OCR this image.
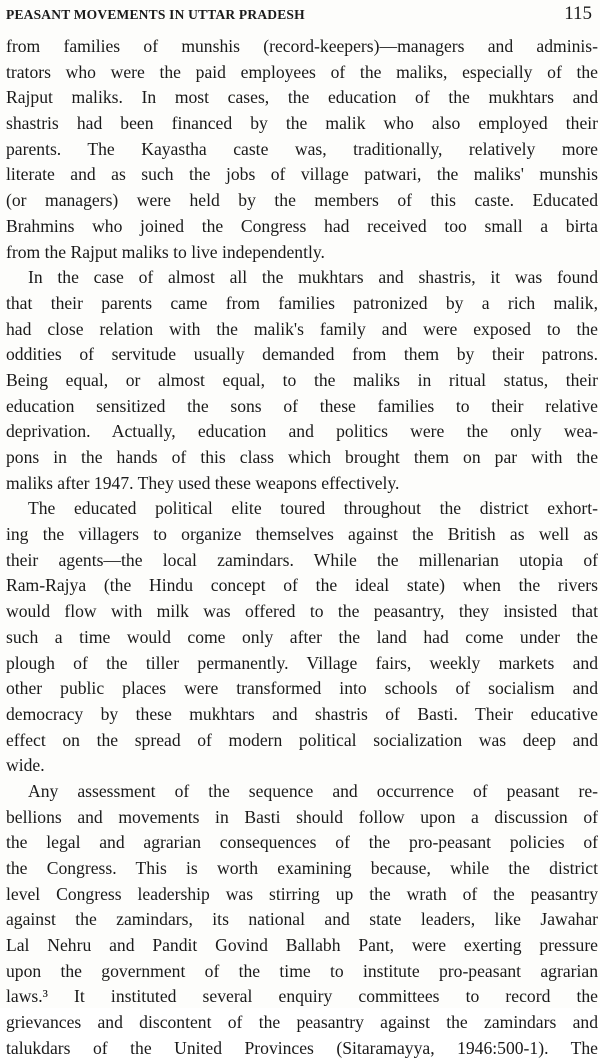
PEASANT MOVEMENTS IN UTTAR PRADESH	115
from families of munshis (record-keepers)—managers and adminis-
trators who were the paid employees of the maliks, especially of the
Rajput maliks. In most cases, the education of the mukhtars and
shastris had been financed by the malik who also employed their
parents. The Kayastha caste was, traditionally, relatively more
literate and as such the jobs of village patwari, the maliks' munshis
(or managers) were held by the members of this caste. Educated
Brahmins who joined the Congress had received too small a birta
from the Rajput maliks to live independently.
In the case of almost all the mukhtars and shastris, it was found
that their parents came from families patronized by a rich malik,
had close relation with the malik's family and were exposed to the
oddities of servitude usually demanded from them by their patrons.
Being equal, or almost equal, to the maliks in ritual status, their
education sensitized the sons of these families to their relative
deprivation. Actually, education and politics were the only wea-
pons in the hands of this class which brought them on par with the
maliks after 1947. They used these weapons effectively.
The educated political elite toured throughout the district exhort-
ing the villagers to organize themselves against the British as well as
their agents—the local zamindars. While the millenarian utopia of
Ram-Rajya (the Hindu concept of the ideal state) when the rivers
would flow with milk was offered to the peasantry, they insisted that
such a time would come only after the land had come under the
plough of the tiller permanently. Village fairs, weekly markets and
other public places were transformed into schools of socialism and
democracy by these mukhtars and shastris of Basti. Their educative
effect on the spread of modern political socialization was deep and
wide.
Any assessment of the sequence and occurrence of peasant re-
bellions and movements in Basti should follow upon a discussion of
the legal and agrarian consequences of the pro-peasant policies of
the Congress. This is worth examining because, while the district
level Congress leadership was stirring up the wrath of the peasantry
against the zamindars, its national and state leaders, like Jawahar
Lal Nehru and Pandit Govind Ballabh Pant, were exerting pressure
upon the government of the time to institute pro-peasant agrarian
laws.³ It instituted several enquiry committees to record the
grievances and discontent of the peasantry against the zamindars and
talukdars of the United Provinces (Sitaramayya, 1946:500-1). The
